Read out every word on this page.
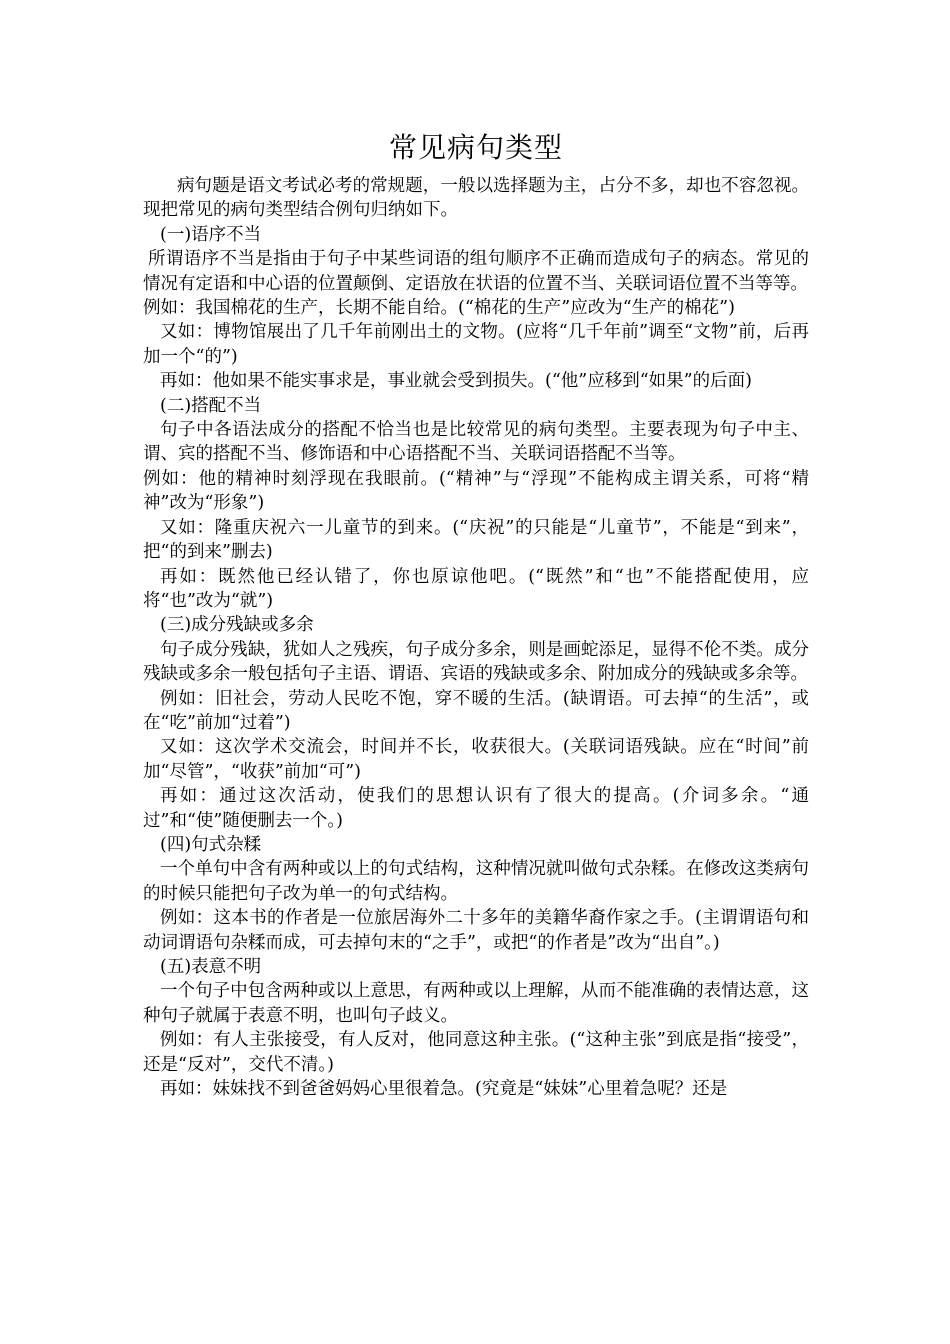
常见病句类型

病句题是语文考试必考的常规题，一般以选择题为主，占分不多，却也不容忽视。现把常见的病句类型结合例句归纳如下。

(一)语序不当

所谓语序不当是指由于句子中某些词语的组句顺序不正确而造成句子的病态。常见的情况有定语和中心语的位置颠倒、定语放在状语的位置不当、关联词语位置不当等等。

例如：我国棉花的生产，长期不能自给。(“棉花的生产”应改为“生产的棉花”)

又如：博物馆展出了几千年前刚出土的文物。(应将“几千年前”调至“文物”前，后再加一个“的”)

再如：他如果不能实事求是，事业就会受到损失。(“他”应移到“如果”的后面)

(二)搭配不当

句子中各语法成分的搭配不恰当也是比较常见的病句类型。主要表现为句子中主、谓、宾的搭配不当、修饰语和中心语搭配不当、关联词语搭配不当等。

例如：他的精神时刻浮现在我眼前。(“精神”与“浮现”不能构成主谓关系，可将“精神”改为“形象”)

又如：隆重庆祝六一儿童节的到来。(“庆祝”的只能是“儿童节”，不能是“到来”，把“的到来”删去)

再如：既然他已经认错了，你也原谅他吧。(“既然”和“也”不能搭配使用，应将“也”改为“就”)

(三)成分残缺或多余

句子成分残缺，犹如人之残疾，句子成分多余，则是画蛇添足，显得不伦不类。成分残缺或多余一般包括句子主语、谓语、宾语的残缺或多余、附加成分的残缺或多余等。

例如：旧社会，劳动人民吃不饱，穿不暖的生活。(缺谓语。可去掉“的生活”，或在“吃”前加“过着”)

又如：这次学术交流会，时间并不长，收获很大。(关联词语残缺。应在“时间”前加“尽管”，“收获”前加“可”)

再如：通过这次活动，使我们的思想认识有了很大的提高。(介词多余。“通过”和“使”随便删去一个。)

(四)句式杂糅

一个单句中含有两种或以上的句式结构，这种情况就叫做句式杂糅。在修改这类病句的时候只能把句子改为单一的句式结构。

例如：这本书的作者是一位旅居海外二十多年的美籍华裔作家之手。(主谓谓语句和动词谓语句杂糅而成，可去掉句末的“之手”，或把“的作者是”改为“出自”。)

(五)表意不明

一个句子中包含两种或以上意思，有两种或以上理解，从而不能准确的表情达意，这种句子就属于表意不明，也叫句子歧义。

例如：有人主张接受，有人反对，他同意这种主张。(“这种主张”到底是指“接受”，还是“反对”，交代不清。)

再如：妹妹找不到爸爸妈妈心里很着急。(究竟是“妹妹”心里着急呢？还是
